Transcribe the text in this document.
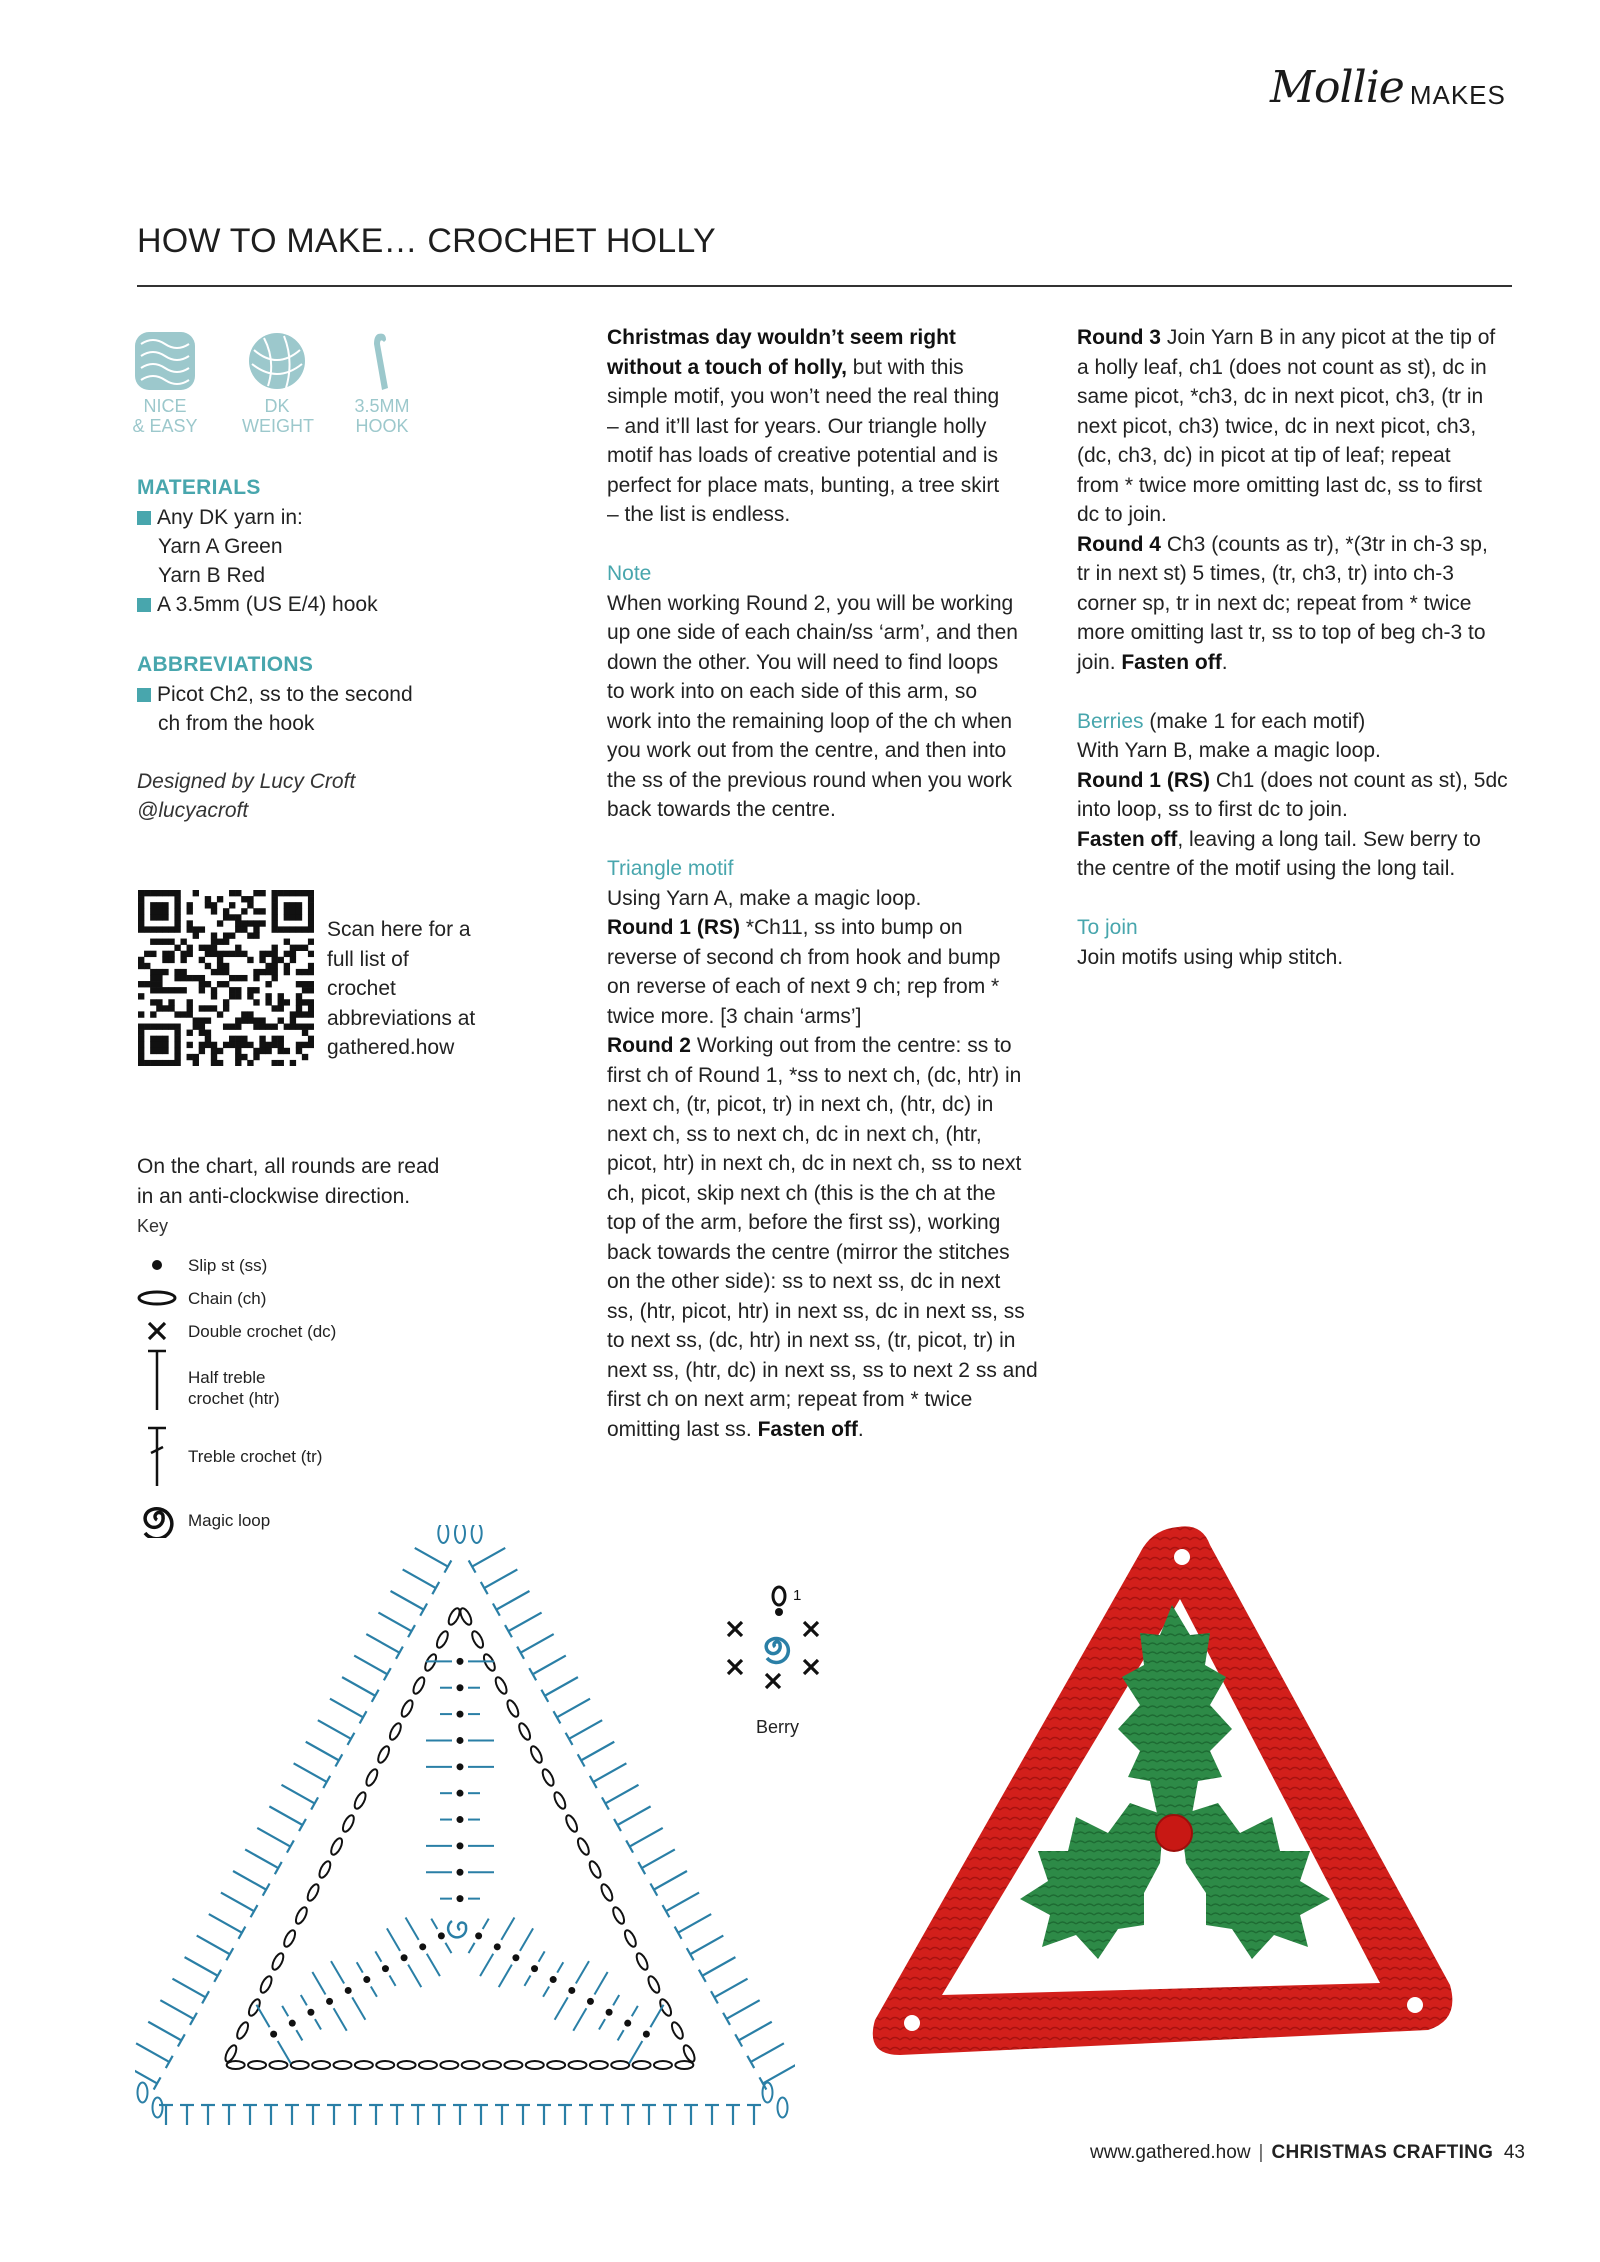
Mollie MAKES
HOW TO MAKE… CROCHET HOLLY
NICE
& EASY
DK
WEIGHT
3.5MM
HOOK
MATERIALS
Any DK yarn in:
Yarn A Green
Yarn B Red
A 3.5mm (US E/4) hook
ABBREVIATIONS
Picot Ch2, ss to the second
ch from the hook
Designed by Lucy Croft
@lucyacroft
Scan here for a
full list of
crochet
abbreviations at
gathered.how
On the chart, all rounds are read
in an anti-clockwise direction.
Key
Slip st (ss)
Chain (ch)
Double crochet (dc)
Half treble
crochet (htr)
Treble crochet (tr)
Magic loop

Christmas day wouldn’t seem right

without a touch of holly, but with this

simple motif, you won’t need the real thing

– and it’ll last for years. Our triangle holly

motif has loads of creative potential and is

perfect for place mats, bunting, a tree skirt

– the list is endless.

Note

When working Round 2, you will be working

up one side of each chain/ss ‘arm’, and then

down the other. You will need to find loops

to work into on each side of this arm, so

work into the remaining loop of the ch when

you work out from the centre, and then into

the ss of the previous round when you work

back towards the centre.

Triangle motif

Using Yarn A, make a magic loop.

Round 1 (RS) *Ch11, ss into bump on

reverse of second ch from hook and bump

on reverse of each of next 9 ch; rep from *

twice more. [3 chain ‘arms’]

Round 2 Working out from the centre: ss to

first ch of Round 1, *ss to next ch, (dc, htr) in

next ch, (tr, picot, tr) in next ch, (htr, dc) in

next ch, ss to next ch, dc in next ch, (htr,

picot, htr) in next ch, dc in next ch, ss to next

ch, picot, skip next ch (this is the ch at the

top of the arm, before the first ss), working

back towards the centre (mirror the stitches

on the other side): ss to next ss, dc in next

ss, (htr, picot, htr) in next ss, dc in next ss, ss

to next ss, (dc, htr) in next ss, (tr, picot, tr) in

next ss, (htr, dc) in next ss, ss to next 2 ss and

first ch on next arm; repeat from * twice

omitting last ss. Fasten off.

Round 3 Join Yarn B in any picot at the tip of

a holly leaf, ch1 (does not count as st), dc in

same picot, *ch3, dc in next picot, ch3, (tr in

next picot, ch3) twice, dc in next picot, ch3,

(dc, ch3, dc) in picot at tip of leaf; repeat

from * twice more omitting last dc, ss to first

dc to join.

Round 4 Ch3 (counts as tr), *(3tr in ch-3 sp,

tr in next st) 5 times, (tr, ch3, tr) into ch-3

corner sp, tr in next dc; repeat from * twice

more omitting last tr, ss to top of beg ch-3 to

join. Fasten off.

Berries (make 1 for each motif)

With Yarn B, make a magic loop.

Round 1 (RS) Ch1 (does not count as st), 5dc

into loop, ss to first dc to join.

Fasten off, leaving a long tail. Sew berry to

the centre of the motif using the long tail.

To join

Join motifs using whip stitch.

1
Berry
www.gathered.how | CHRISTMAS CRAFTING 43
